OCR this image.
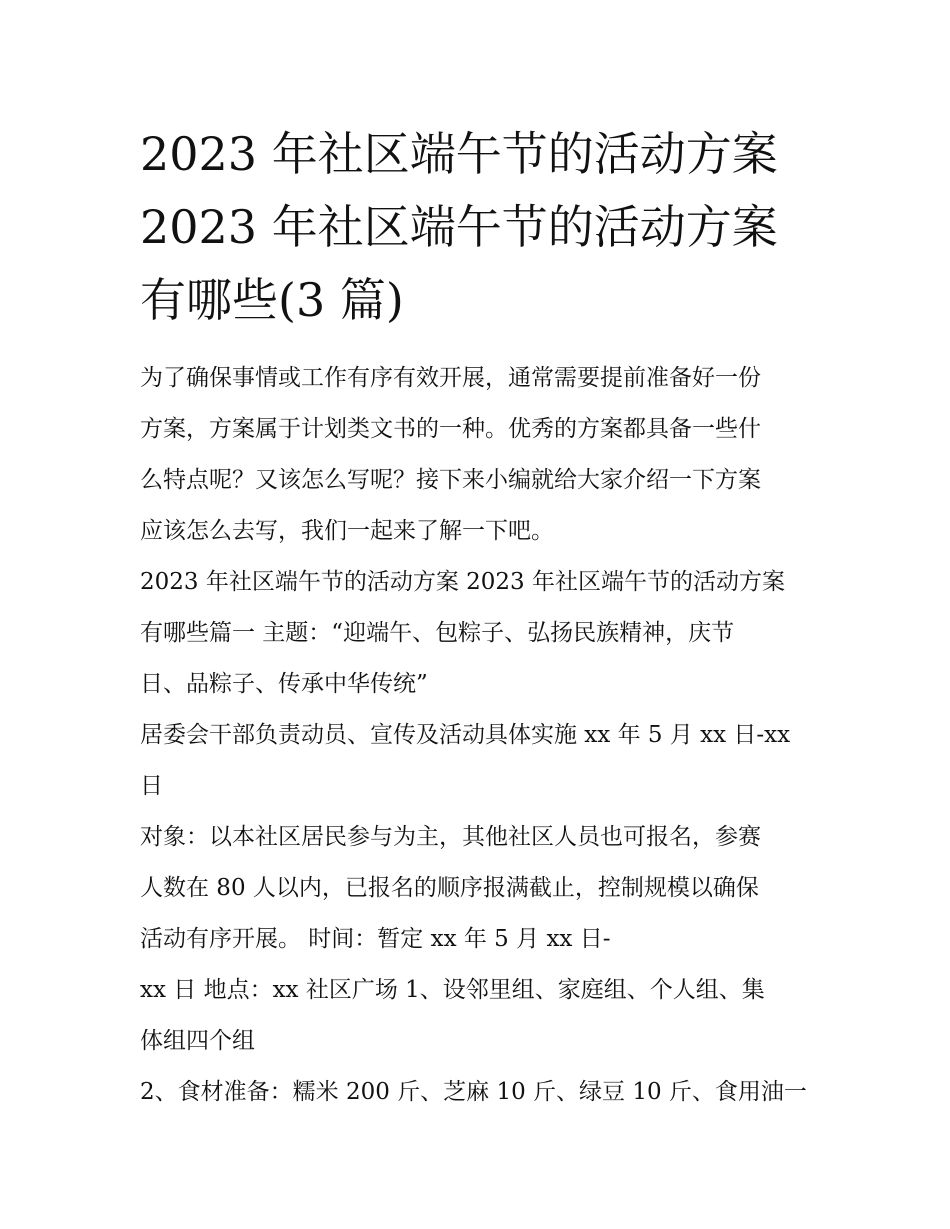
2023 年社区端午节的活动方案
2023 年社区端午节的活动方案
有哪些(3 篇)

为了确保事情或工作有序有效开展，通常需要提前准备好一份
方案，方案属于计划类文书的一种。优秀的方案都具备一些什
么特点呢？又该怎么写呢？接下来小编就给大家介绍一下方案
应该怎么去写，我们一起来了解一下吧。

2023 年社区端午节的活动方案 2023 年社区端午节的活动方案
有哪些篇一 主题：“迎端午、包粽子、弘扬民族精神，庆节
日、品粽子、传承中华传统”

居委会干部负责动员、宣传及活动具体实施 xx 年 5 月 xx 日-xx
日

对象：以本社区居民参与为主，其他社区人员也可报名，参赛
人数在 80 人以内，已报名的顺序报满截止，控制规模以确保
活动有序开展。 时间：暂定 xx 年 5 月 xx 日-

xx 日 地点：xx 社区广场 1、设邻里组、家庭组、个人组、集
体组四个组

2、食材准备：糯米 200 斤、芝麻 10 斤、绿豆 10 斤、食用油一
